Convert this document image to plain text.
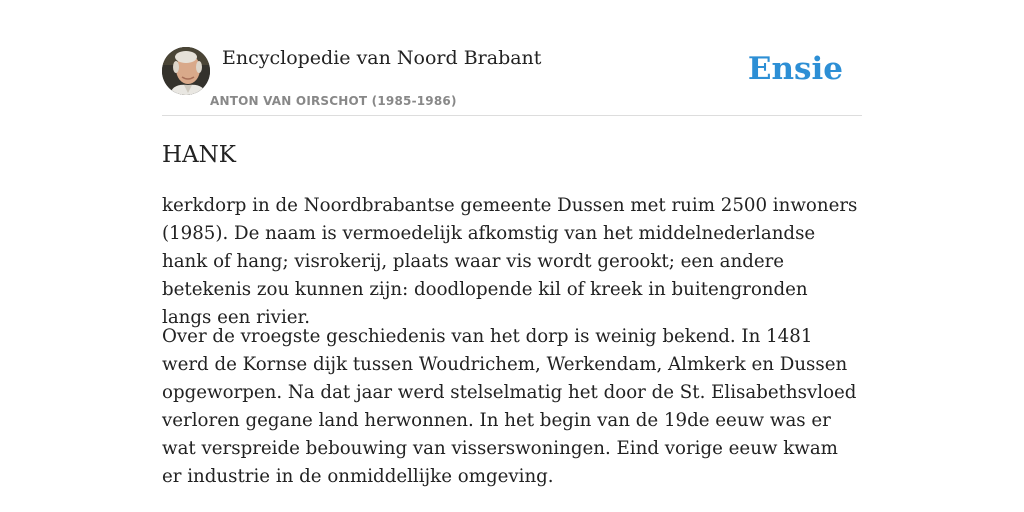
Encyclopedie van Noord Brabant
ANTON VAN OIRSCHOT (1985-1986)
Ensie
HANK

kerkdorp in de Noordbrabantse gemeente Dussen met ruim 2500 inwoners (1985). De naam is vermoedelijk afkomstig van het middelnederlandse hank of hang; visrokerij, plaats waar vis wordt gerookt; een andere betekenis zou kunnen zijn: doodlopende kil of kreek in buitengronden langs een rivier.

Over de vroegste geschiedenis van het dorp is weinig bekend. In 1481 werd de Kornse dijk tussen Woudrichem, Werkendam, Almkerk en Dussen opgeworpen. Na dat jaar werd stelselmatig het door de St. Elisabethsvloed verloren gegane land herwonnen. In het begin van de 19de eeuw was er wat verspreide bebouwing van visserswoningen. Eind vorige eeuw kwam er industrie in de onmiddellijke omgeving.
